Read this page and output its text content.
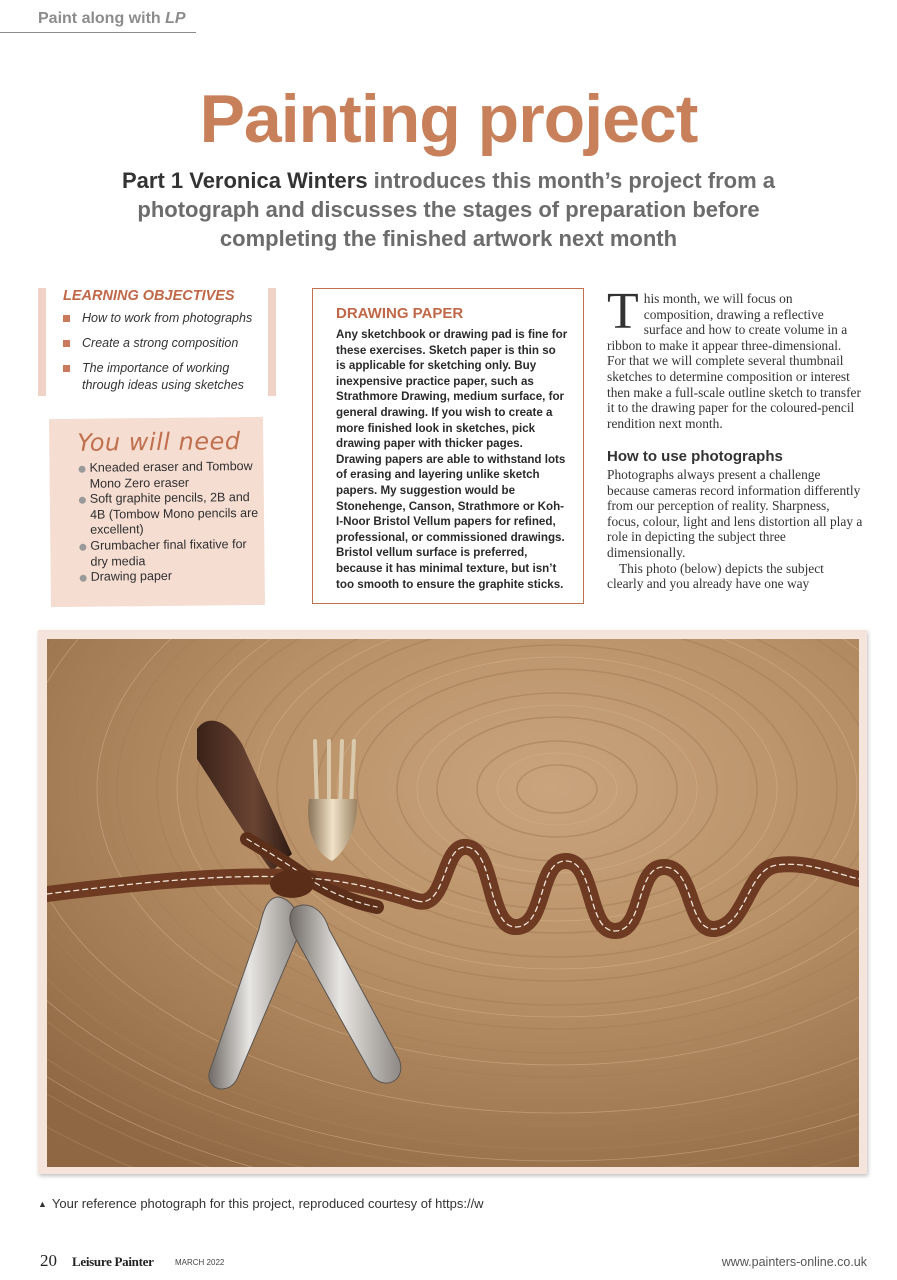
Paint along with LP
Painting project
Part 1 Veronica Winters introduces this month’s project from a photograph and discusses the stages of preparation before completing the finished artwork next month
LEARNING OBJECTIVES
How to work from photographs
Create a strong composition
The importance of working through ideas using sketches
You will need
Kneaded eraser and Tombow Mono Zero eraser
Soft graphite pencils, 2B and 4B (Tombow Mono pencils are excellent)
Grumbacher final fixative for dry media
Drawing paper
DRAWING PAPER

Any sketchbook or drawing pad is fine for these exercises. Sketch paper is thin so is applicable for sketching only. Buy inexpensive practice paper, such as Strathmore Drawing, medium surface, for general drawing. If you wish to create a more finished look in sketches, pick drawing paper with thicker pages. Drawing papers are able to withstand lots of erasing and layering unlike sketch papers. My suggestion would be Stonehenge, Canson, Strathmore or Koh-I-Noor Bristol Vellum papers for refined, professional, or commissioned drawings. Bristol vellum surface is preferred, because it has minimal texture, but isn’t too smooth to ensure the graphite sticks.

This month, we will focus on composition, drawing a reflective surface and how to create volume in a ribbon to make it appear three-dimensional. For that we will complete several thumbnail sketches to determine composition or interest then make a full-scale outline sketch to transfer it to the drawing paper for the coloured-pencil rendition next month.

How to use photographs

Photographs always present a challenge because cameras record information differently from our perception of reality. Sharpness, focus, colour, light and lens distortion all play a role in depicting the subject three dimensionally.

This photo (below) depicts the subject clearly and you already have one way

▲ Your reference photograph for this project, reproduced courtesy of https://w
20 Leisure Painter	MARCH 2022	www.painters-online.co.uk
